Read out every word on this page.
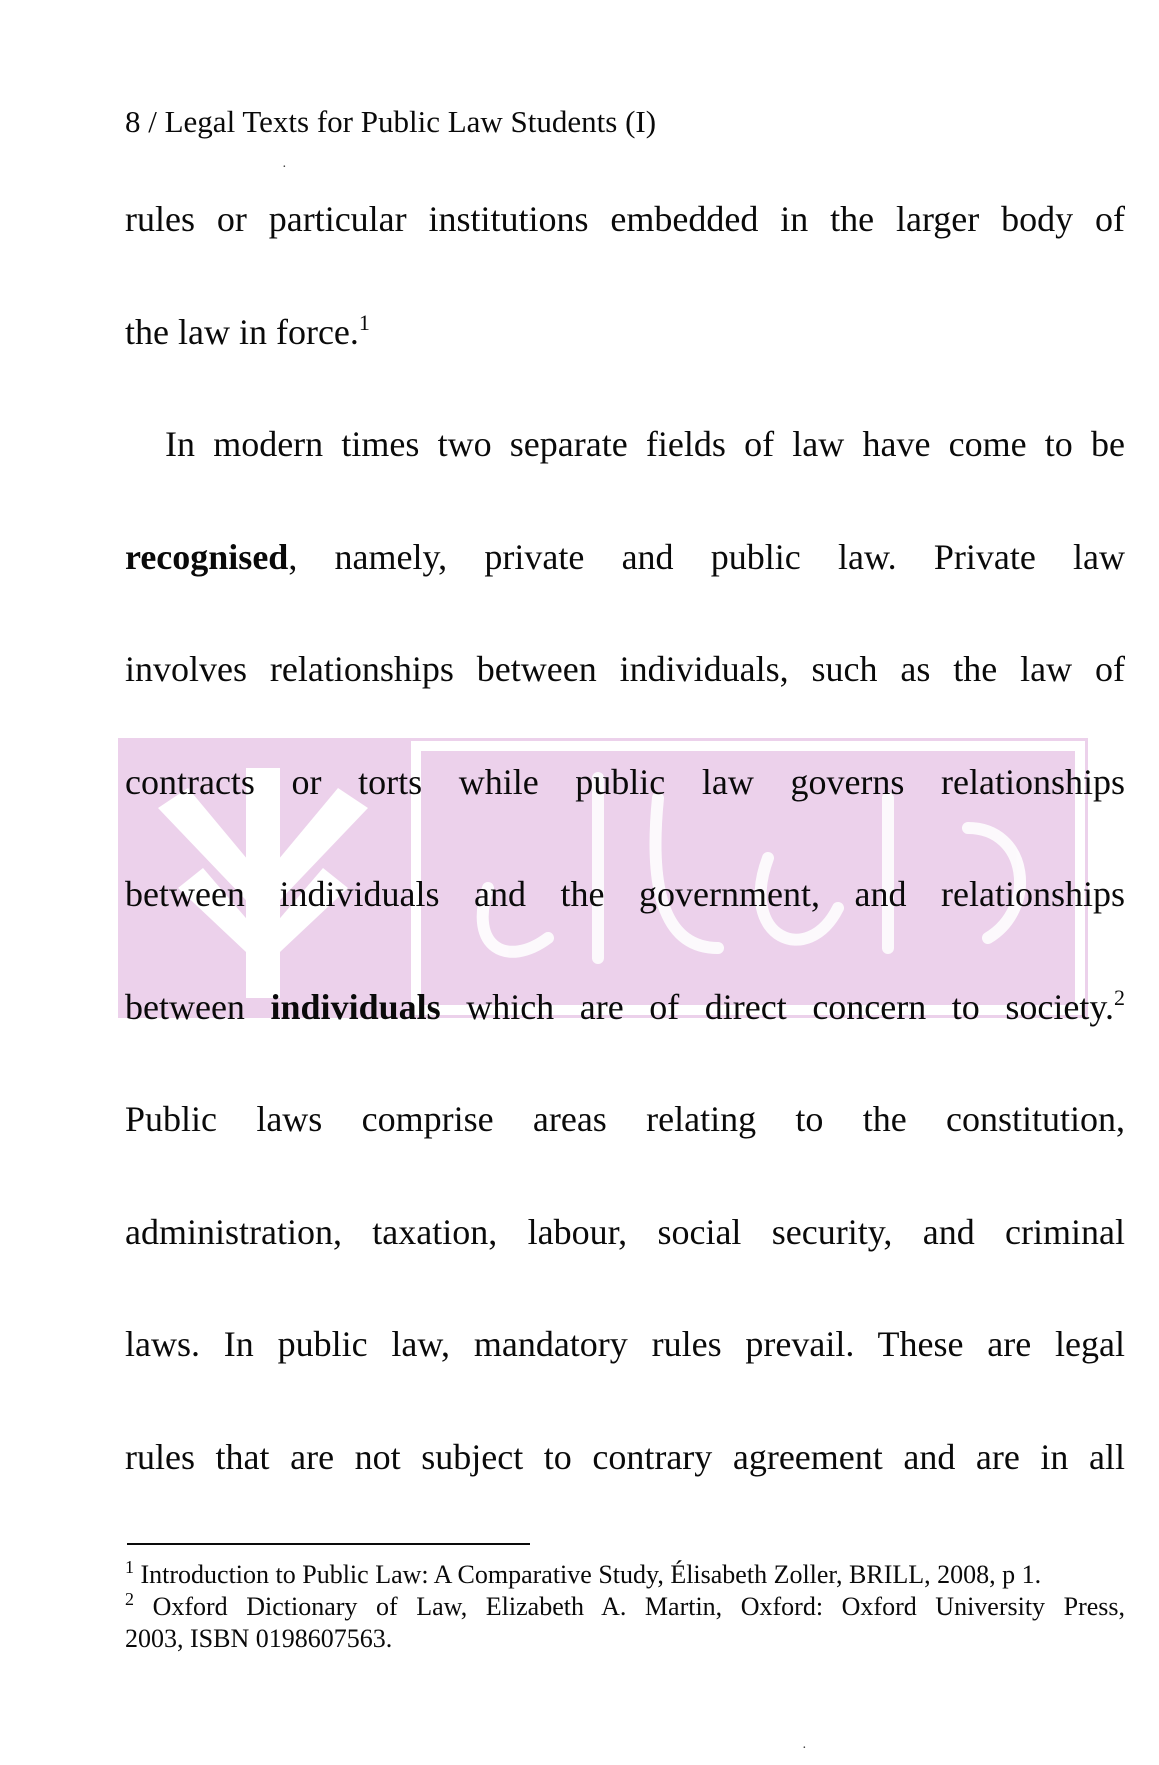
8 / Legal Texts for Public Law Students (I)
rules or particular institutions embedded in the larger body of
the law in force.$^1$
In modern times two separate fields of law have come to be
recognised, namely, private and public law. Private law
involves relationships between individuals, such as the law of
contracts or torts while public law governs relationships
between individuals and the government, and relationships
between individuals which are of direct concern to society.$^2$
Public laws comprise areas relating to the constitution,
administration, taxation, labour, social security, and criminal
laws. In public law, mandatory rules prevail. These are legal
rules that are not subject to contrary agreement and are in all
$^1$ Introduction to Public Law: A Comparative Study, Élisabeth Zoller, BRILL, 2008, p 1.
$^2$ Oxford Dictionary of Law, Elizabeth A. Martin, Oxford: Oxford University Press,
2003, ISBN 0198607563.
·
·
